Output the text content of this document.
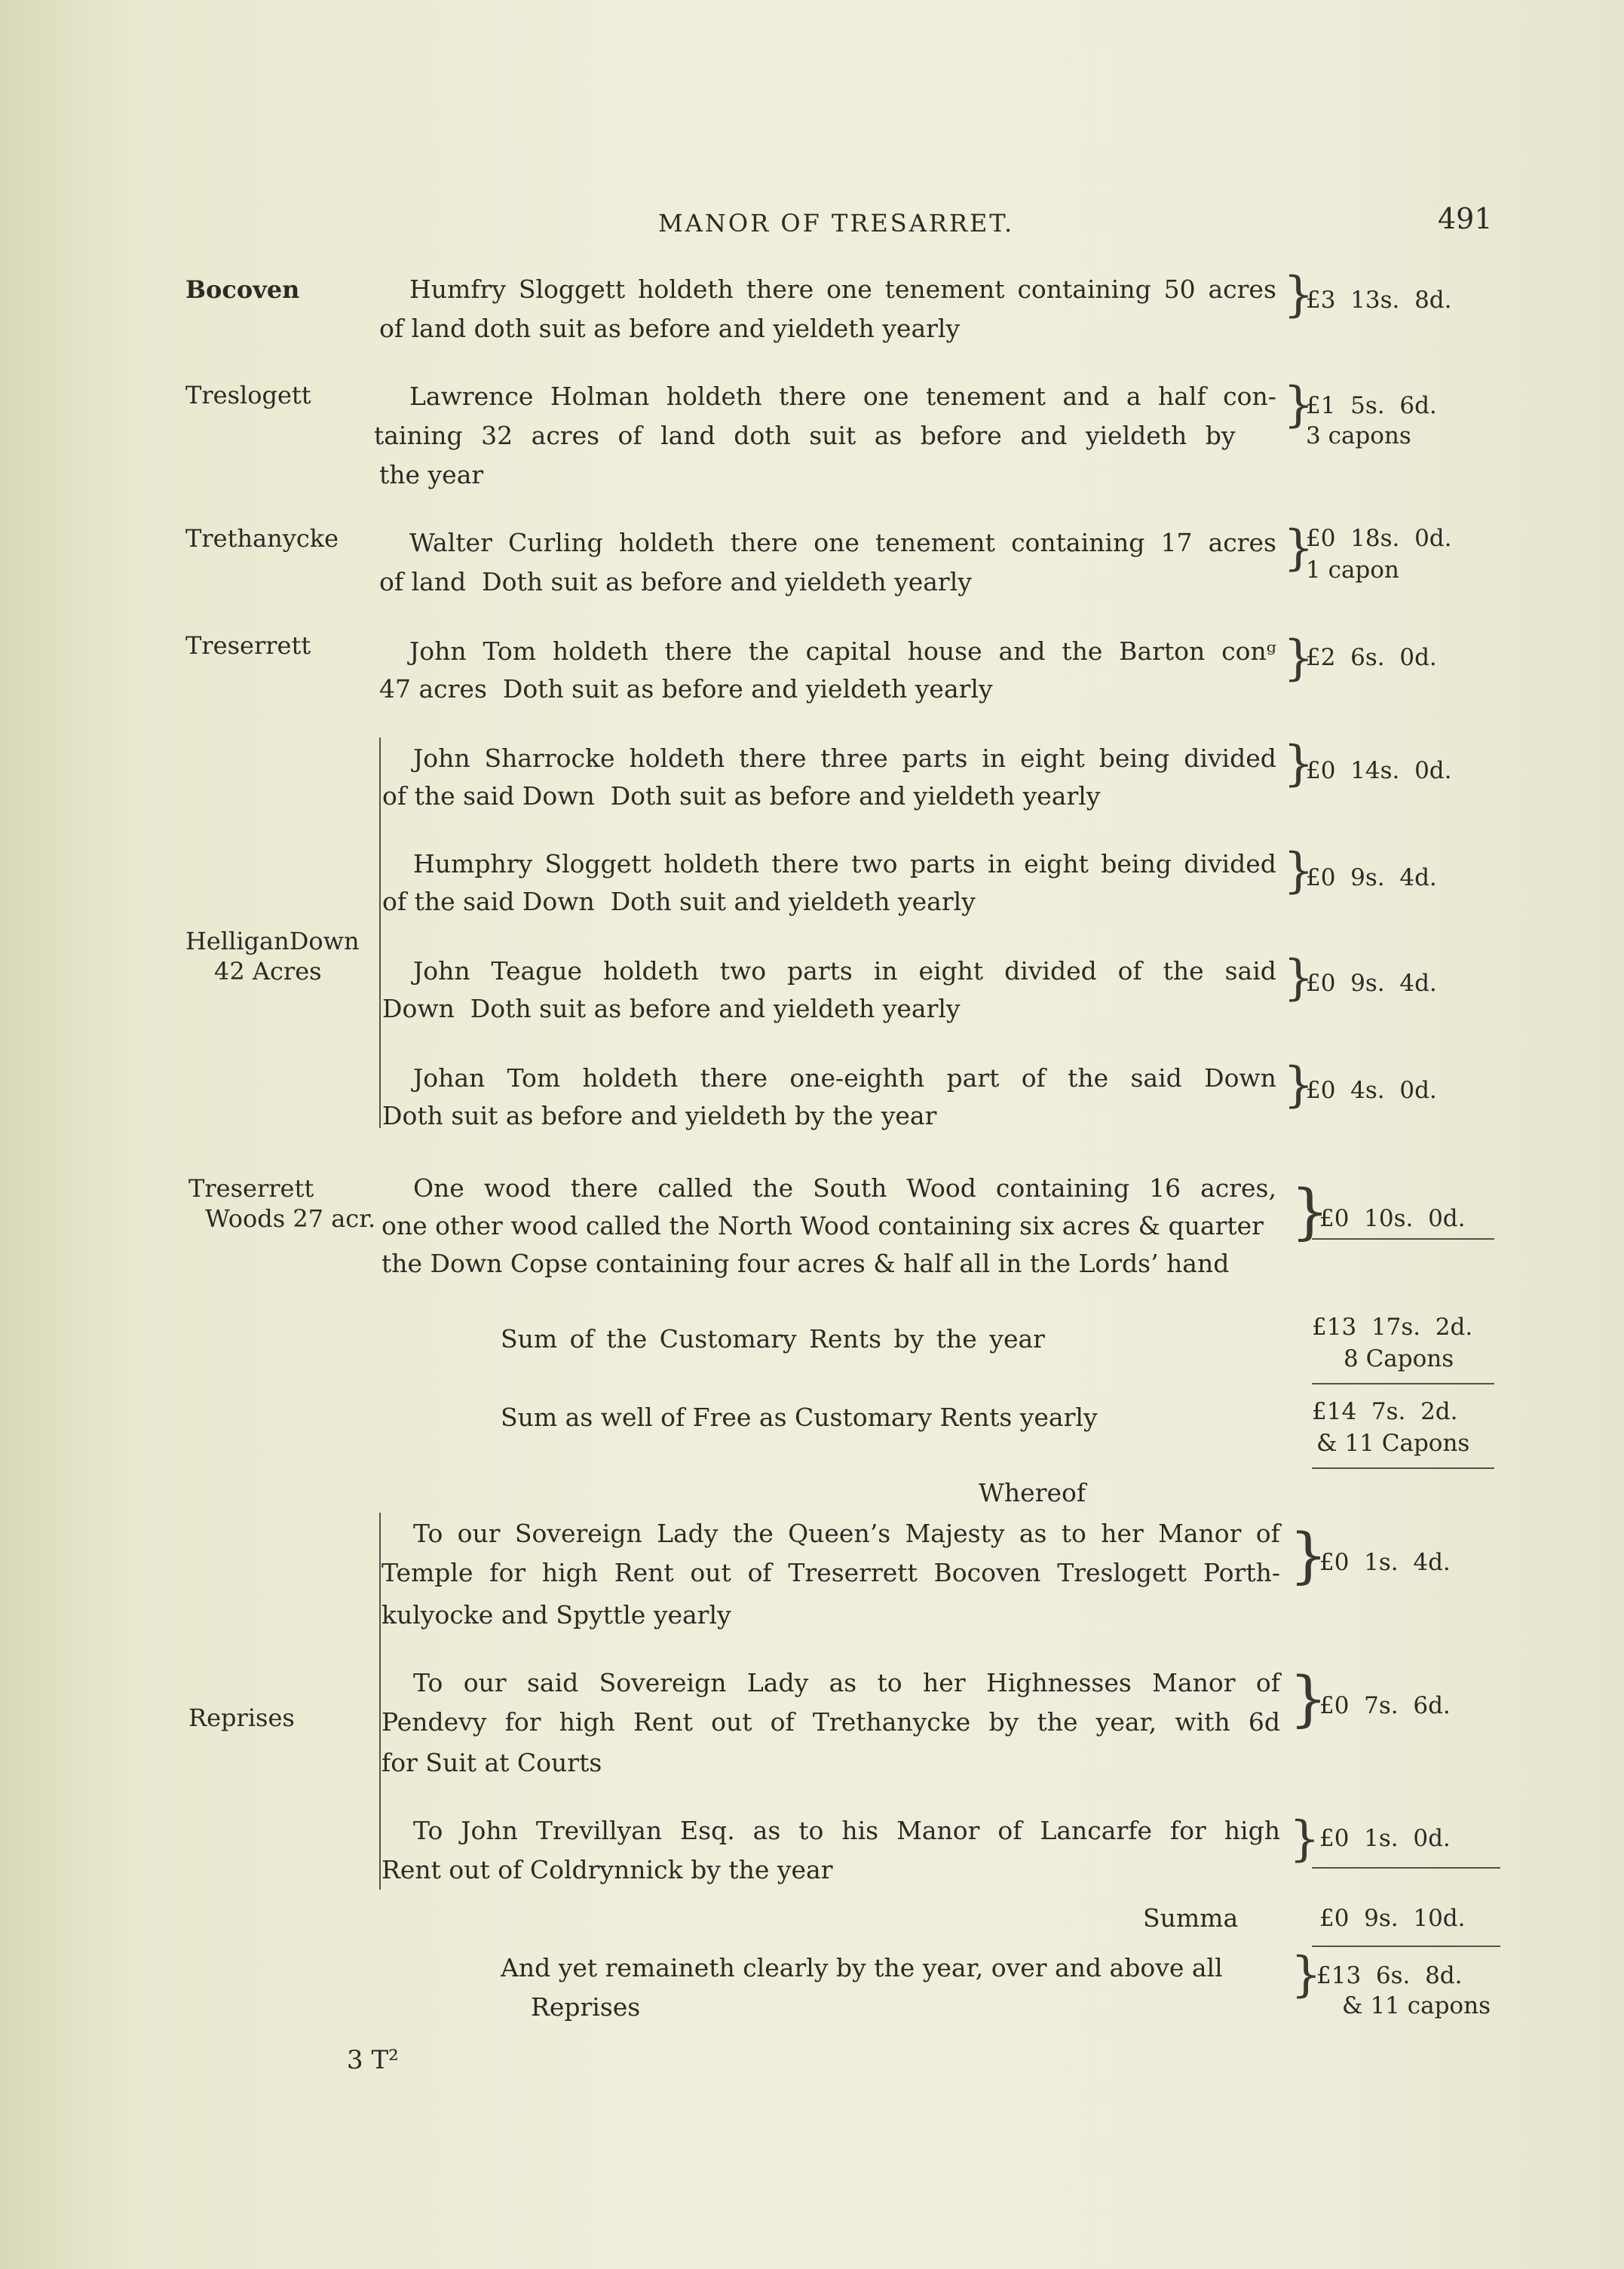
MANOR OF TRESARRET.	491
Bocoven	Humfry Sloggett holdeth there one tenement containing 50 acres
of land doth suit as before and yieldeth yearly
}
£3  13s.  8d.
Treslogett	Lawrence Holman holdeth there one tenement and a half con-
taining 32 acres of land doth suit as before and yieldeth by
the year
}
£1  5s.  6d.
3 capons
Trethanycke	Walter Curling holdeth there one tenement containing 17 acres
of land  Doth suit as before and yieldeth yearly
}
£0  18s.  0d.
1 capon
Treserrett	John Tom holdeth there the capital house and the Barton conᵍ
47 acres  Doth suit as before and yieldeth yearly
}
£2  6s.  0d.
HelliganDown
42 Acres
John Sharrocke holdeth there three parts in eight being divided
of the said Down  Doth suit as before and yieldeth yearly
}
£0  14s.  0d.
Humphry Sloggett holdeth there two parts in eight being divided
of the said Down  Doth suit and yieldeth yearly
}
£0  9s.  4d.
John Teague holdeth two parts in eight divided of the said
Down  Doth suit as before and yieldeth yearly
}
£0  9s.  4d.
Johan Tom holdeth there one-eighth part of the said Down
Doth suit as before and yieldeth by the year
}
£0  4s.  0d.
Treserrett
Woods 27 acr.
One wood there called the South Wood containing 16 acres,
one other wood called the North Wood containing six acres & quarter
the Down Copse containing four acres & half all in the Lords’ hand
}
£0  10s.  0d.
Sum of the Customary Rents by the year	£13  17s.  2d.
8 Capons
Sum as well of Free as Customary Rents yearly	£14  7s.  2d.
& 11 Capons
Whereof
Reprises
To our Sovereign Lady the Queen’s Majesty as to her Manor of
Temple for high Rent out of Treserrett Bocoven Treslogett Porth-
kulyocke and Spyttle yearly
}
£0  1s.  4d.
To our said Sovereign Lady as to her Highnesses Manor of
Pendevy for high Rent out of Trethanycke by the year, with 6d
for Suit at Courts
}
£0  7s.  6d.
To John Trevillyan Esq. as to his Manor of Lancarfe for high
Rent out of Coldrynnick by the year
} £0  1s.  0d.
Summa	£0  9s.  10d.
And yet remaineth clearly by the year, over and above all
Reprises
}
£13  6s.  8d.
& 11 capons
3 T²
